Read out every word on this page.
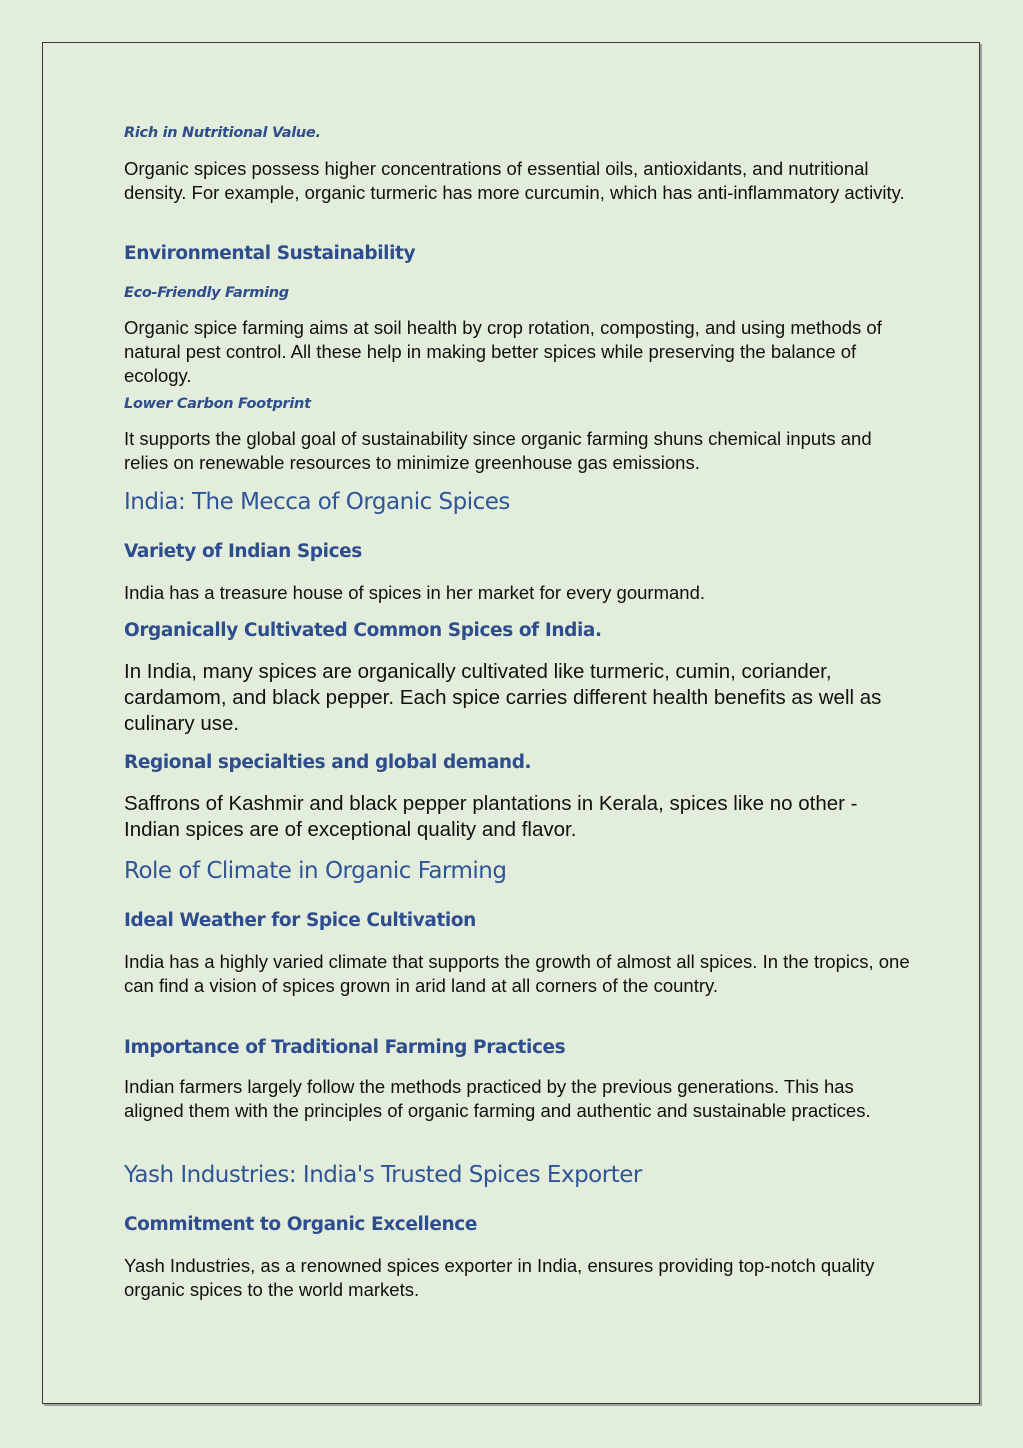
Rich in Nutritional Value.

Organic spices possess higher concentrations of essential oils, antioxidants, and nutritional density. For example, organic turmeric has more curcumin, which has anti-inflammatory activity.

Environmental Sustainability
Eco-Friendly Farming

Organic spice farming aims at soil health by crop rotation, composting, and using methods of natural pest control. All these help in making better spices while preserving the balance of ecology.

Lower Carbon Footprint

It supports the global goal of sustainability since organic farming shuns chemical inputs and relies on renewable resources to minimize greenhouse gas emissions.

India: The Mecca of Organic Spices
Variety of Indian Spices

India has a treasure house of spices in her market for every gourmand.

Organically Cultivated Common Spices of India.

In India, many spices are organically cultivated like turmeric, cumin, coriander, cardamom, and black pepper. Each spice carries different health benefits as well as culinary use.

Regional specialties and global demand.

Saffrons of Kashmir and black pepper plantations in Kerala, spices like no other - Indian spices are of exceptional quality and flavor.

Role of Climate in Organic Farming
Ideal Weather for Spice Cultivation

India has a highly varied climate that supports the growth of almost all spices. In the tropics, one can find a vision of spices grown in arid land at all corners of the country.

Importance of Traditional Farming Practices

Indian farmers largely follow the methods practiced by the previous generations. This has aligned them with the principles of organic farming and authentic and sustainable practices.

Yash Industries: India's Trusted Spices Exporter
Commitment to Organic Excellence

Yash Industries, as a renowned spices exporter in India, ensures providing top-notch quality organic spices to the world markets.
